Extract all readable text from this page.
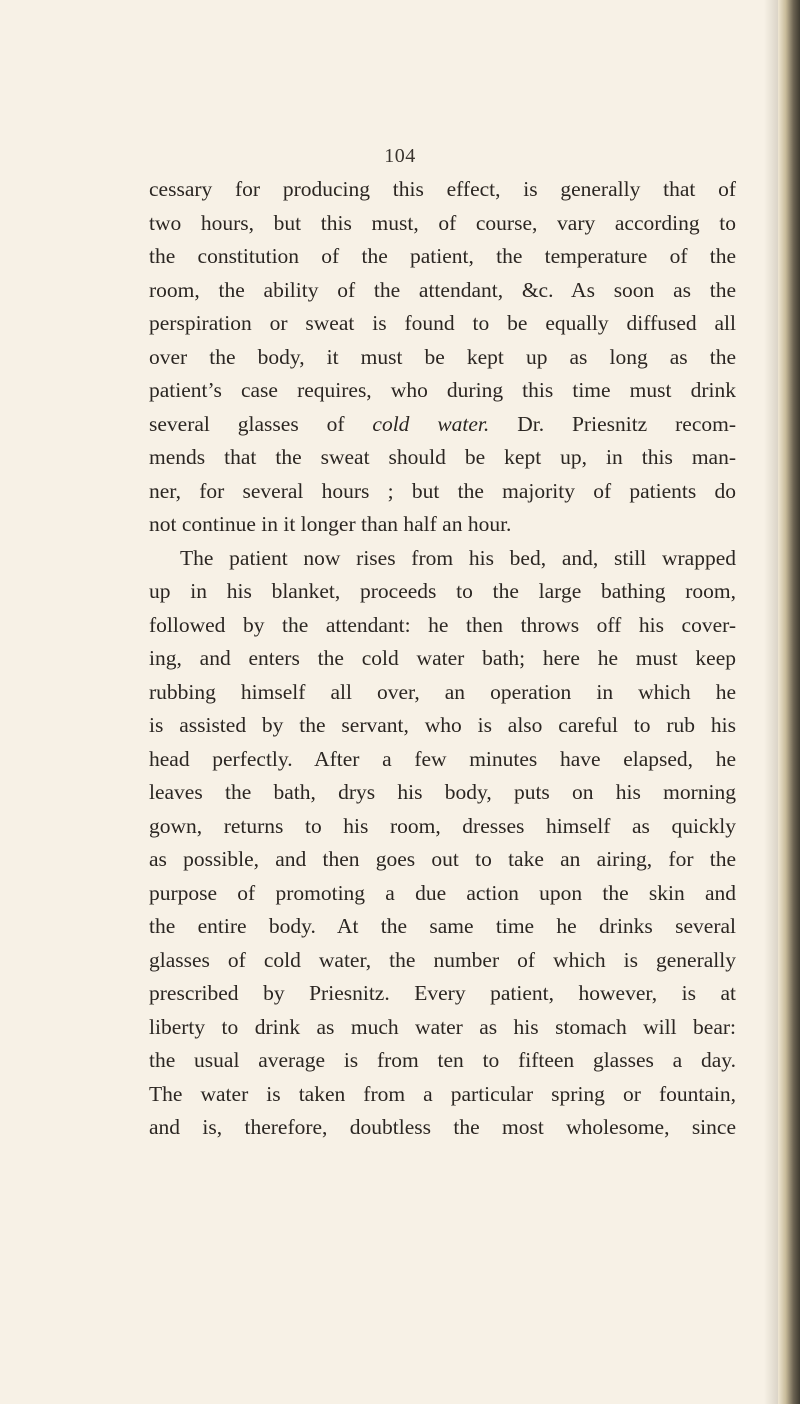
104
cessary for producing this effect, is generally that of
two hours, but this must, of course, vary according to
the constitution of the patient, the temperature of the
room, the ability of the attendant, &c. As soon as the
perspiration or sweat is found to be equally diffused all
over the body, it must be kept up as long as the
patient’s case requires, who during this time must drink
several glasses of cold water. Dr. Priesnitz recom-
mends that the sweat should be kept up, in this man-
ner, for several hours ; but the majority of patients do
not continue in it longer than half an hour.
The patient now rises from his bed, and, still wrapped
up in his blanket, proceeds to the large bathing room,
followed by the attendant: he then throws off his cover-
ing, and enters the cold water bath; here he must keep
rubbing himself all over, an operation in which he
is assisted by the servant, who is also careful to rub his
head perfectly. After a few minutes have elapsed, he
leaves the bath, drys his body, puts on his morning
gown, returns to his room, dresses himself as quickly
as possible, and then goes out to take an airing, for the
purpose of promoting a due action upon the skin and
the entire body. At the same time he drinks several
glasses of cold water, the number of which is generally
prescribed by Priesnitz. Every patient, however, is at
liberty to drink as much water as his stomach will bear:
the usual average is from ten to fifteen glasses a day.
The water is taken from a particular spring or fountain,
and is, therefore, doubtless the most wholesome, since
